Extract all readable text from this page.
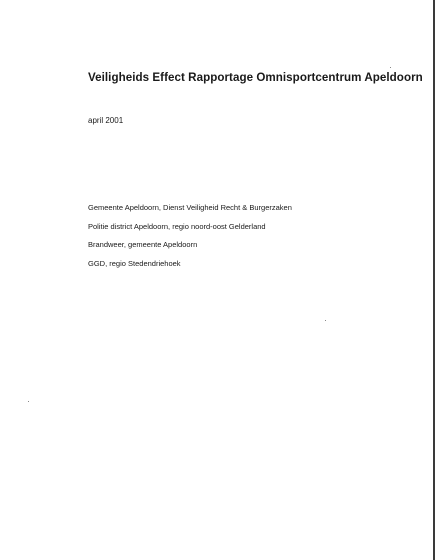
Veiligheids Effect Rapportage Omnisportcentrum Apeldoorn
april 2001
Gemeente Apeldoorn, Dienst Veiligheid Recht & Burgerzaken
Politie district Apeldoorn, regio noord-oost Gelderland
Brandweer, gemeente Apeldoorn
GGD, regio Stedendriehoek
